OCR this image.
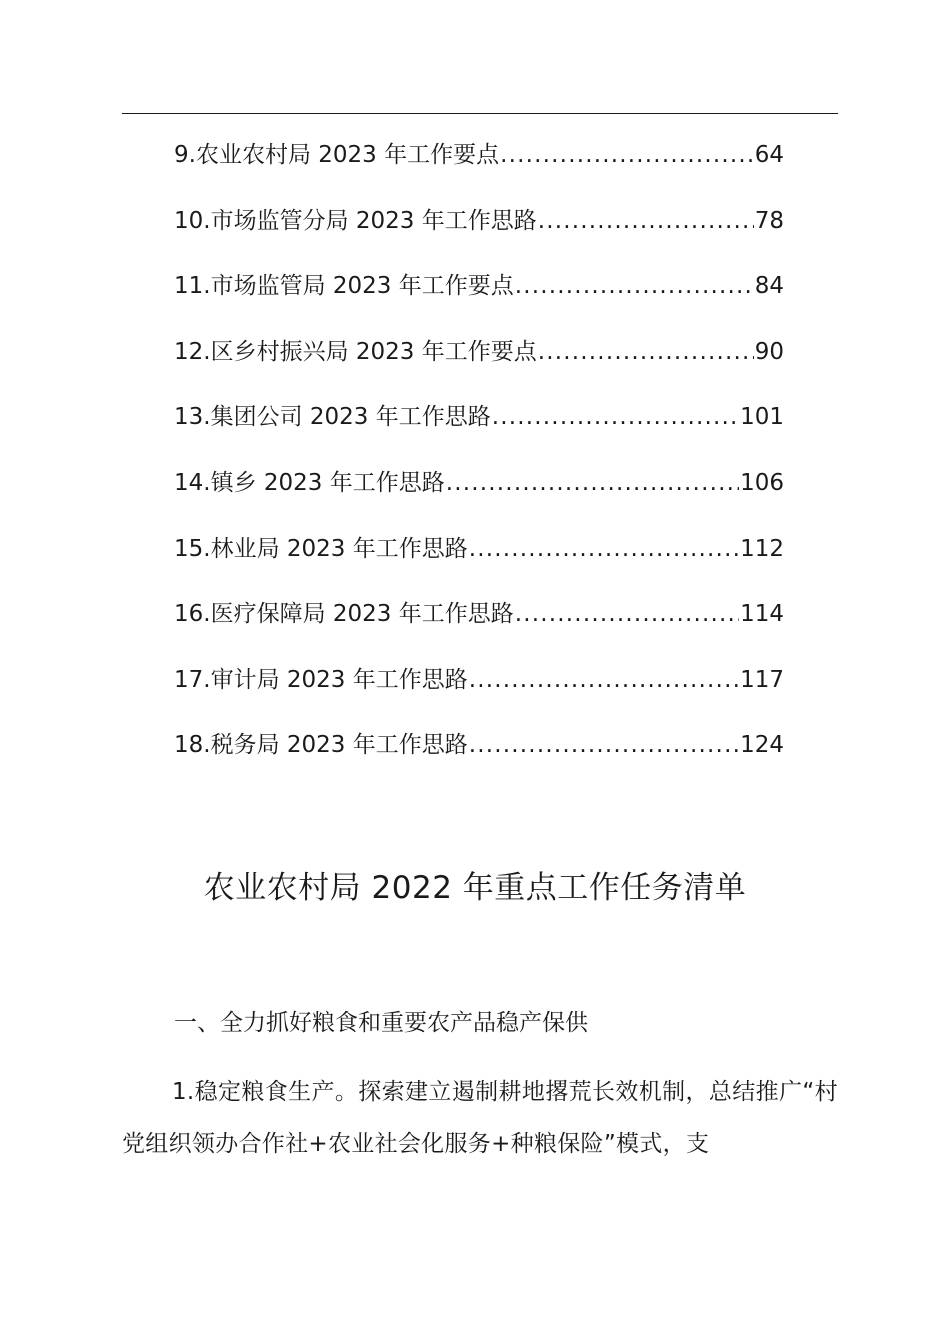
9.农业农村局 2023 年工作要点 .....	64
10.市场监管分局 2023 年工作思路 .....	78
11.市场监管局 2023 年工作要点 .....	84
12.区乡村振兴局 2023 年工作要点 .....	90
13.集团公司 2023 年工作思路 .....	101
14.镇乡 2023 年工作思路 .....	106
15.林业局 2023 年工作思路 .....	112
16.医疗保障局 2023 年工作思路 .....	114
17.审计局 2023 年工作思路 .....	117
18.税务局 2023 年工作思路 .....	124
农业农村局 2022 年重点工作任务清单
一、全力抓好粮食和重要农产品稳产保供

1.稳定粮食生产。探索建立遏制耕地撂荒长效机制，总结推广“村党组织领办合作社+农业社会化服务+种粮保险”模式，支
